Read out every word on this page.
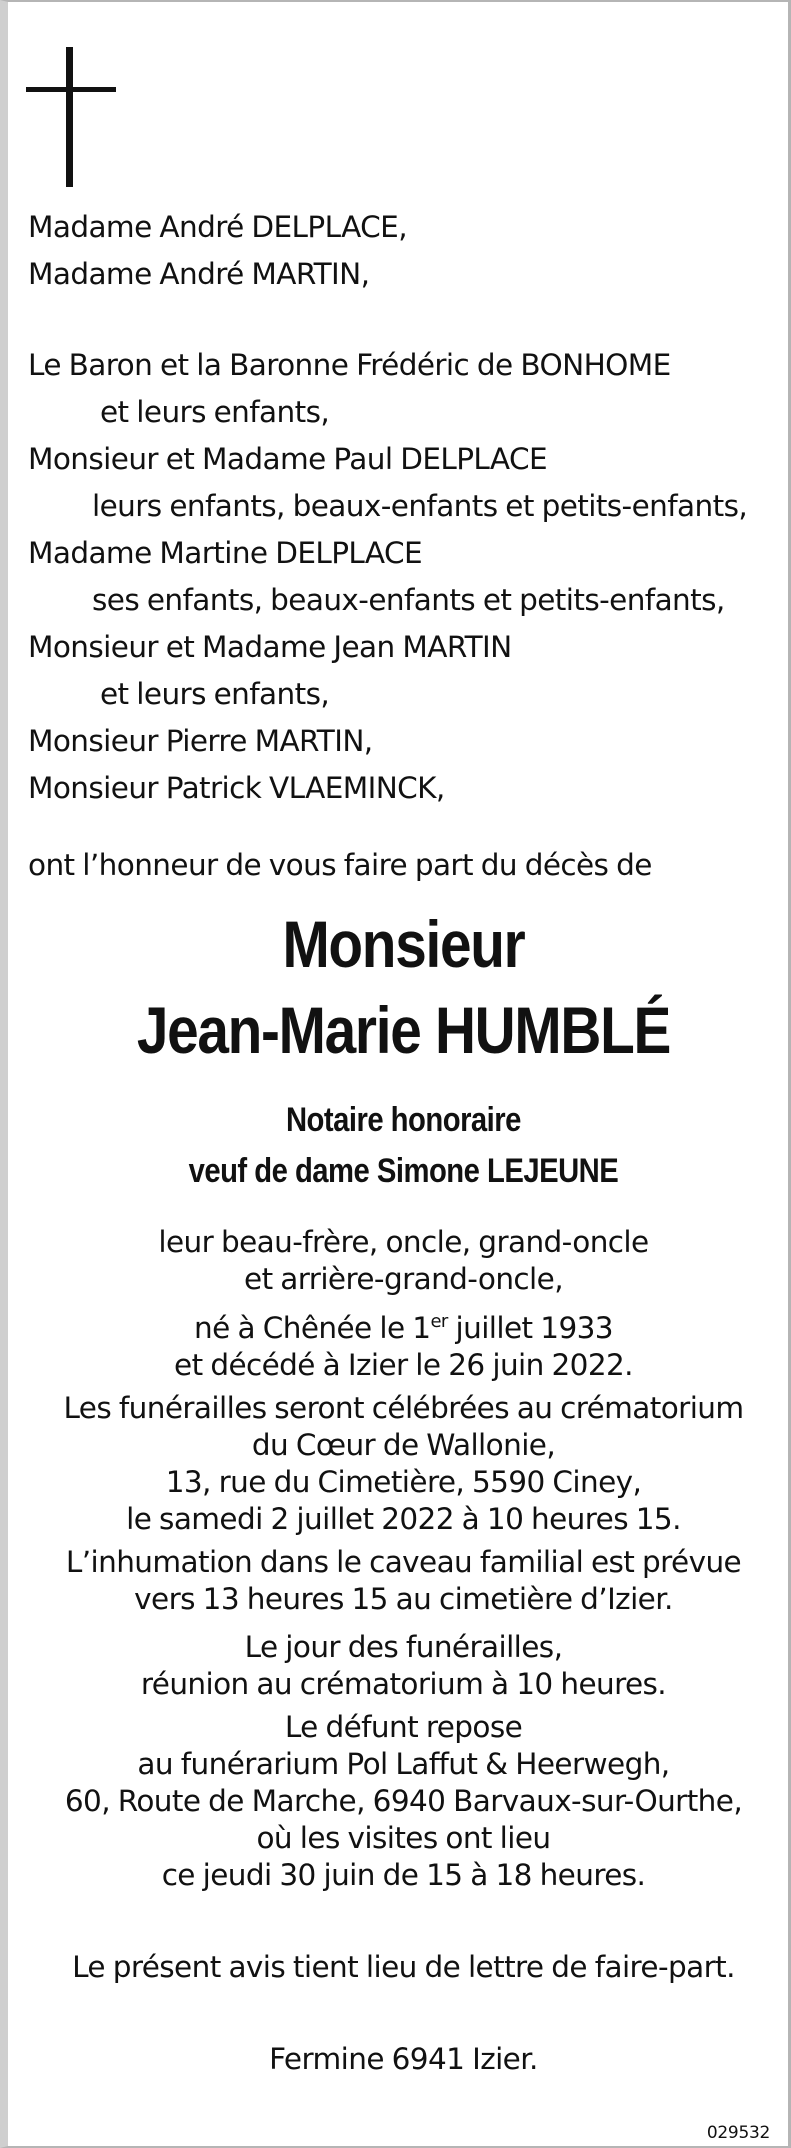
Madame André DELPLACE,
Madame André MARTIN,
Le Baron et la Baronne Frédéric de BONHOME
et leurs enfants,
Monsieur et Madame Paul DELPLACE
leurs enfants, beaux-enfants et petits-enfants,
Madame Martine DELPLACE
ses enfants, beaux-enfants et petits-enfants,
Monsieur et Madame Jean MARTIN
et leurs enfants,
Monsieur Pierre MARTIN,
Monsieur Patrick VLAEMINCK,
ont l’honneur de vous faire part du décès de
Monsieur
Jean-Marie HUMBLÉ
Notaire honoraire
veuf de dame Simone LEJEUNE
leur beau-frère, oncle, grand-oncle
et arrière-grand-oncle,
né à Chênée le 1er juillet 1933
et décédé à Izier le 26 juin 2022.
Les funérailles seront célébrées au crématorium
du Cœur de Wallonie,
13, rue du Cimetière, 5590 Ciney,
le samedi 2 juillet 2022 à 10 heures 15.
L’inhumation dans le caveau familial est prévue
vers 13 heures 15 au cimetière d’Izier.
Le jour des funérailles,
réunion au crématorium à 10 heures.
Le défunt repose
au funérarium Pol Laffut & Heerwegh,
60, Route de Marche, 6940 Barvaux-sur-Ourthe,
où les visites ont lieu
ce jeudi 30 juin de 15 à 18 heures.
Le présent avis tient lieu de lettre de faire-part.
Fermine 6941 Izier.
029532
